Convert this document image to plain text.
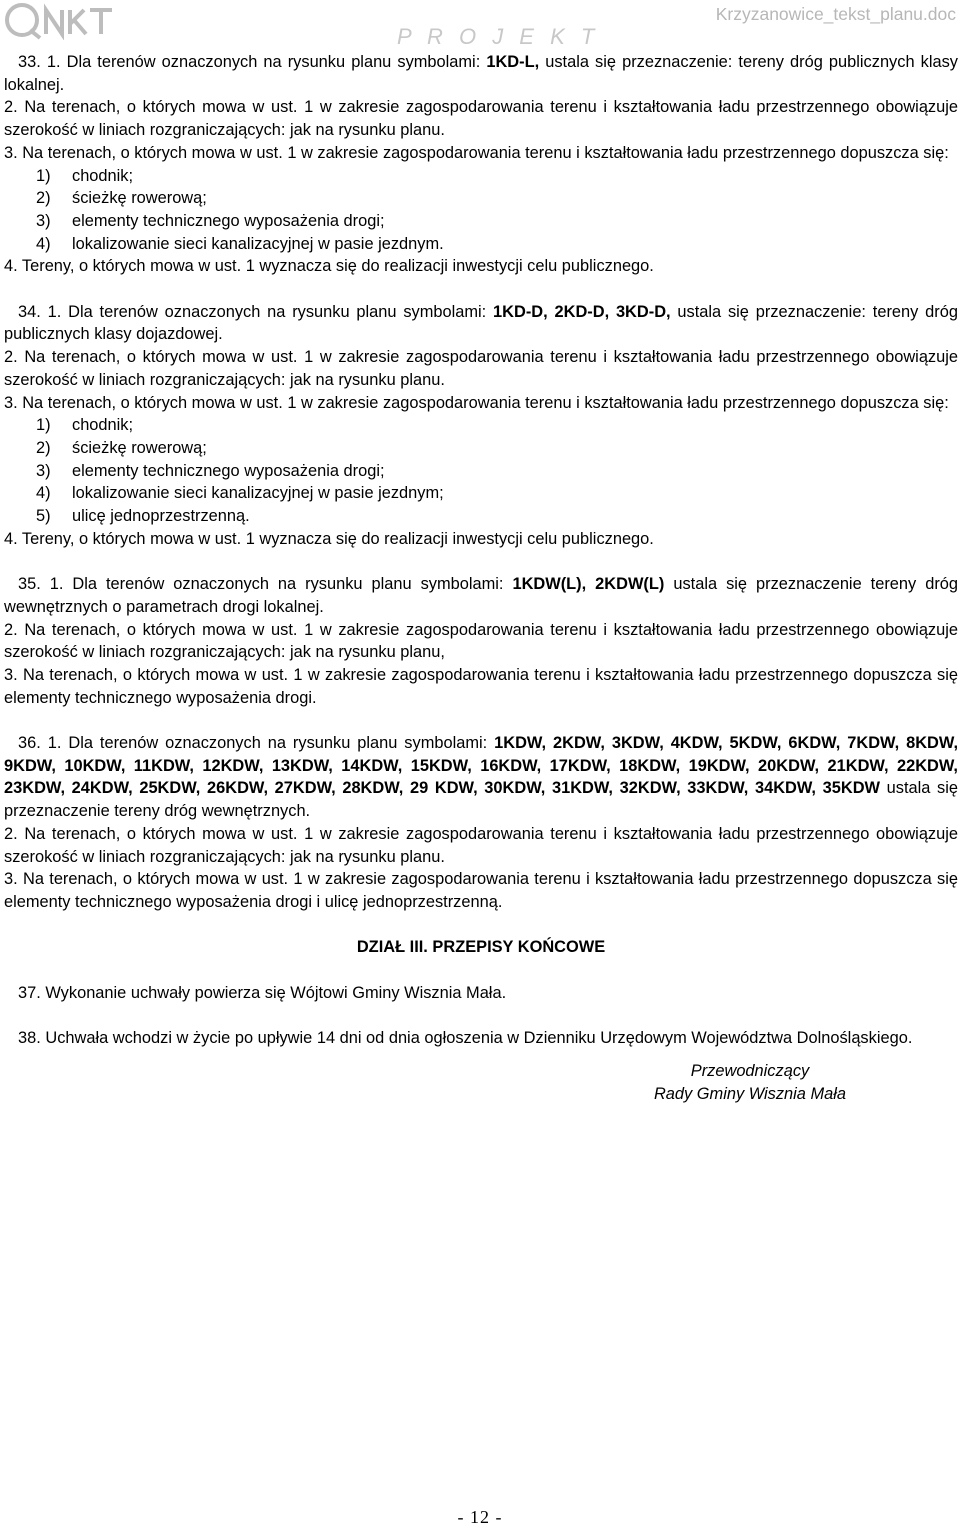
Krzyzanowice_tekst_planu.doc
P R O J E K T
33. 1. Dla terenów oznaczonych na rysunku planu symbolami: 1KD-L, ustala się przeznaczenie: tereny dróg publicznych klasy lokalnej.
2. Na terenach, o których mowa w ust. 1 w zakresie zagospodarowania terenu i kształtowania ładu przestrzennego obowiązuje szerokość w liniach rozgraniczających: jak na rysunku planu.
3. Na terenach, o których mowa w ust. 1 w zakresie zagospodarowania terenu i kształtowania ładu przestrzennego dopuszcza się:
1)	chodnik;
2)	ścieżkę rowerową;
3)	elementy technicznego wyposażenia drogi;
4)	lokalizowanie sieci kanalizacyjnej w pasie jezdnym.
4. Tereny, o których mowa w ust. 1 wyznacza się do realizacji inwestycji celu publicznego.
34. 1. Dla terenów oznaczonych na rysunku planu symbolami: 1KD-D, 2KD-D, 3KD-D, ustala się przeznaczenie: tereny dróg publicznych klasy dojazdowej.
2. Na terenach, o których mowa w ust. 1 w zakresie zagospodarowania terenu i kształtowania ładu przestrzennego obowiązuje szerokość w liniach rozgraniczających: jak na rysunku planu.
3. Na terenach, o których mowa w ust. 1 w zakresie zagospodarowania terenu i kształtowania ładu przestrzennego dopuszcza się:
1)	chodnik;
2)	ścieżkę rowerową;
3)	elementy technicznego wyposażenia drogi;
4)	lokalizowanie sieci kanalizacyjnej w pasie jezdnym;
5)	ulicę jednoprzestrzenną.
4. Tereny, o których mowa w ust. 1 wyznacza się do realizacji inwestycji celu publicznego.
35. 1. Dla terenów oznaczonych na rysunku planu symbolami: 1KDW(L), 2KDW(L) ustala się przeznaczenie tereny dróg wewnętrznych o parametrach drogi lokalnej.
2. Na terenach, o których mowa w ust. 1 w zakresie zagospodarowania terenu i kształtowania ładu przestrzennego obowiązuje szerokość w liniach rozgraniczających: jak na rysunku planu,
3. Na terenach, o których mowa w ust. 1 w zakresie zagospodarowania terenu i kształtowania ładu przestrzennego dopuszcza się elementy technicznego wyposażenia drogi.
36. 1. Dla terenów oznaczonych na rysunku planu symbolami: 1KDW, 2KDW, 3KDW, 4KDW, 5KDW, 6KDW, 7KDW, 8KDW, 9KDW, 10KDW, 11KDW, 12KDW, 13KDW, 14KDW, 15KDW, 16KDW, 17KDW, 18KDW, 19KDW, 20KDW, 21KDW, 22KDW, 23KDW, 24KDW, 25KDW, 26KDW, 27KDW, 28KDW, 29 KDW, 30KDW, 31KDW, 32KDW, 33KDW, 34KDW, 35KDW ustala się przeznaczenie tereny dróg wewnętrznych.
2. Na terenach, o których mowa w ust. 1 w zakresie zagospodarowania terenu i kształtowania ładu przestrzennego obowiązuje szerokość w liniach rozgraniczających: jak na rysunku planu.
3. Na terenach, o których mowa w ust. 1 w zakresie zagospodarowania terenu i kształtowania ładu przestrzennego dopuszcza się elementy technicznego wyposażenia drogi i ulicę jednoprzestrzenną.
DZIAŁ III. PRZEPISY KOŃCOWE
37. Wykonanie uchwały powierza się Wójtowi Gminy Wisznia Mała.
38. Uchwała wchodzi w życie po upływie 14 dni od dnia ogłoszenia w Dzienniku Urzędowym Województwa Dolnośląskiego.
Przewodniczący
Rady Gminy Wisznia Mała
- 12 -
